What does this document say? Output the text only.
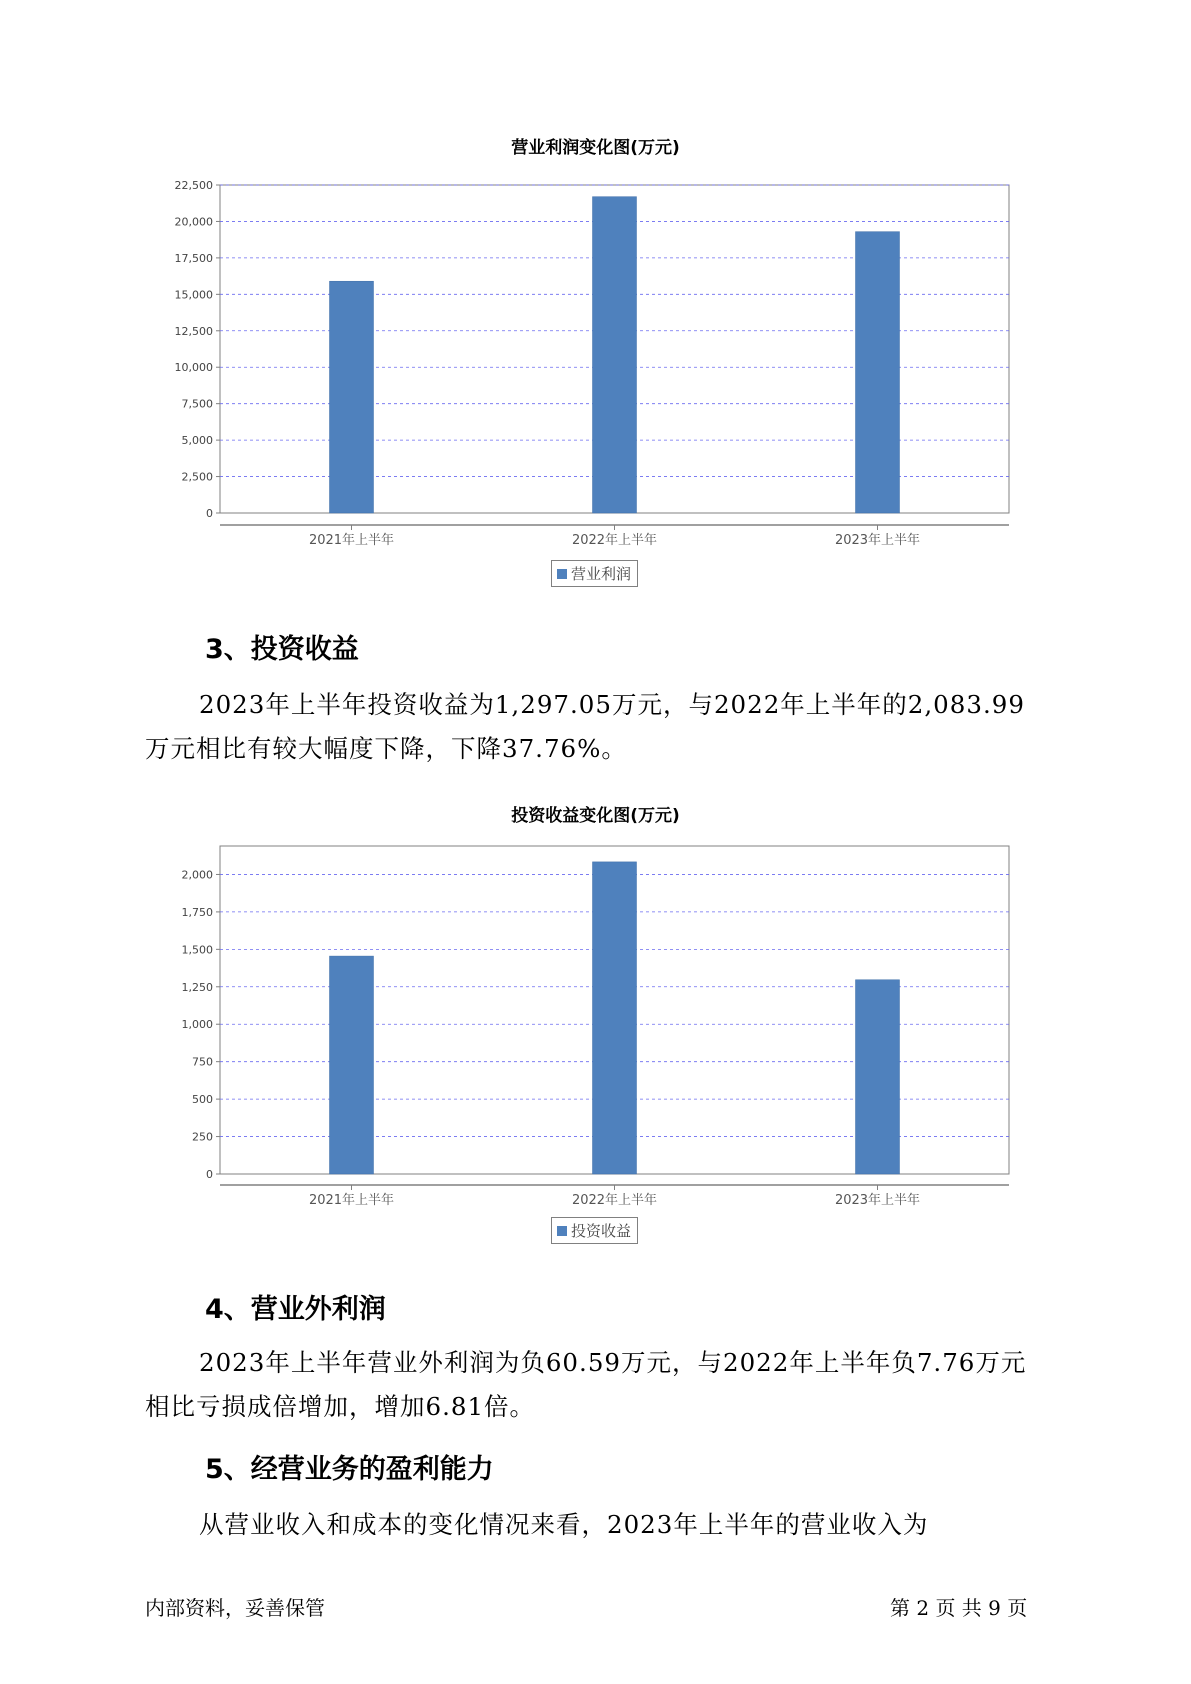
营业利润变化图(万元)
0
2,500
5,000
7,500
10,000
12,500
15,000
17,500
20,000
22,500
2021年上半年	2022年上半年	2023年上半年
营业利润
3、投资收益
2023年上半年投资收益为1,297.05万元，与2022年上半年的2,083.99
万元相比有较大幅度下降，下降37.76%。
投资收益变化图(万元)
0
250
500
750
1,000
1,250
1,500
1,750
2,000
2021年上半年	2022年上半年	2023年上半年
投资收益
4、营业外利润
2023年上半年营业外利润为负60.59万元，与2022年上半年负7.76万元
相比亏损成倍增加，增加6.81倍。
5、经营业务的盈利能力
从营业收入和成本的变化情况来看，2023年上半年的营业收入为
内部资料，妥善保管	第 2 页 共 9 页
